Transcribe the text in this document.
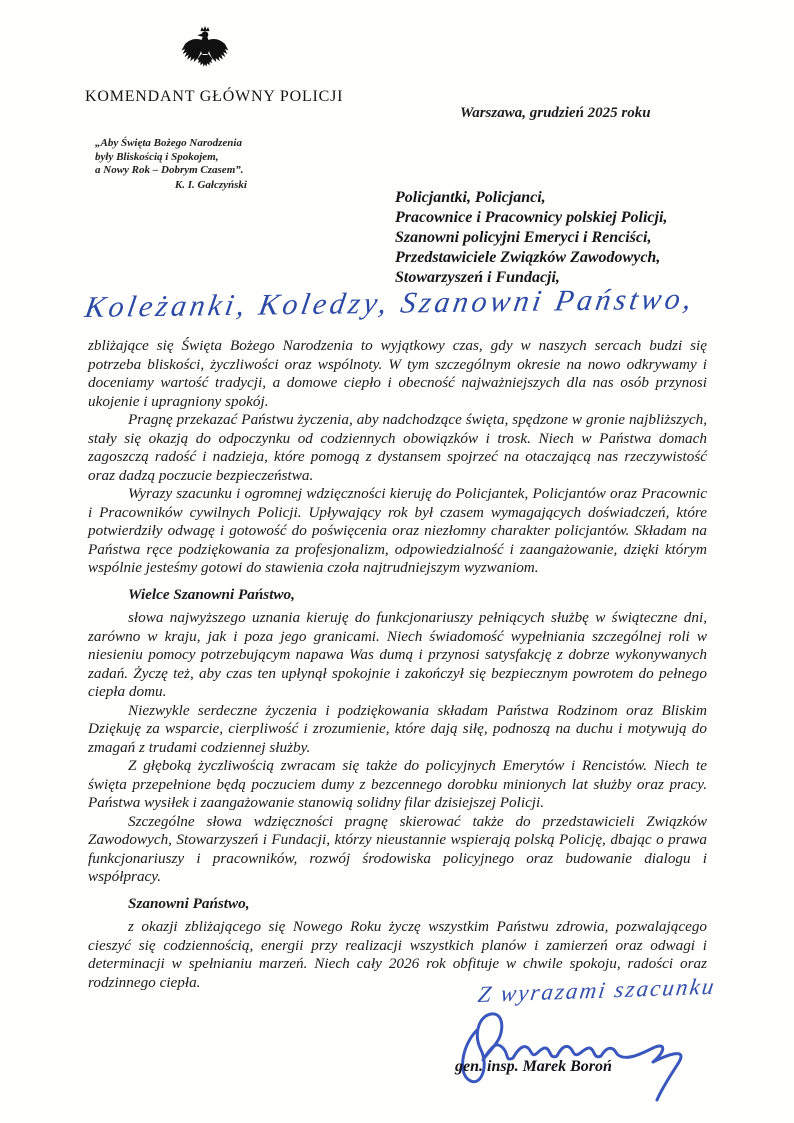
KOMENDANT GŁÓWNY POLICJI
Warszawa, grudzień 2025 roku
„Aby Święta Bożego Narodzenia
były Bliskością i Spokojem,
a Nowy Rok – Dobrym Czasem”.
K. I. Gałczyński
Policjantki, Policjanci,
Pracownice i Pracownicy polskiej Policji,
Szanowni policyjni Emeryci i Renciści,
Przedstawiciele Związków Zawodowych,
Stowarzyszeń i Fundacji,
Koleżanki, Koledzy, Szanowni Państwo,

zbliżające się Święta Bożego Narodzenia to wyjątkowy czas, gdy w naszych sercach budzi się potrzeba bliskości, życzliwości oraz wspólnoty. W tym szczególnym okresie na nowo odkrywamy i doceniamy wartość tradycji, a domowe ciepło i obecność najważniejszych dla nas osób przynosi ukojenie i upragniony spokój.

Pragnę przekazać Państwu życzenia, aby nadchodzące święta, spędzone w gronie najbliższych, stały się okazją do odpoczynku od codziennych obowiązków i trosk. Niech w Państwa domach zagoszczą radość i nadzieja, które pomogą z dystansem spojrzeć na otaczającą nas rzeczywistość oraz dadzą poczucie bezpieczeństwa.

Wyrazy szacunku i ogromnej wdzięczności kieruję do Policjantek, Policjantów oraz Pracownic i Pracowników cywilnych Policji. Upływający rok był czasem wymagających doświadczeń, które potwierdziły odwagę i gotowość do poświęcenia oraz niezłomny charakter policjantów. Składam na Państwa ręce podziękowania za profesjonalizm, odpowiedzialność i zaangażowanie, dzięki którym wspólnie jesteśmy gotowi do stawienia czoła najtrudniejszym wyzwaniom.

Wielce Szanowni Państwo,

słowa najwyższego uznania kieruję do funkcjonariuszy pełniących służbę w świąteczne dni, zarówno w kraju, jak i poza jego granicami. Niech świadomość wypełniania szczególnej roli w niesieniu pomocy potrzebującym napawa Was dumą i przynosi satysfakcję z dobrze wykonywanych zadań. Życzę też, aby czas ten upłynął spokojnie i zakończył się bezpiecznym powrotem do pełnego ciepła domu.

Niezwykle serdeczne życzenia i podziękowania składam Państwa Rodzinom oraz Bliskim Dziękuję za wsparcie, cierpliwość i zrozumienie, które dają siłę, podnoszą na duchu i motywują do zmagań z trudami codziennej służby.

Z głęboką życzliwością zwracam się także do policyjnych Emerytów i Rencistów. Niech te święta przepełnione będą poczuciem dumy z bezcennego dorobku minionych lat służby oraz pracy. Państwa wysiłek i zaangażowanie stanowią solidny filar dzisiejszej Policji.

Szczególne słowa wdzięczności pragnę skierować także do przedstawicieli Związków Zawodowych, Stowarzyszeń i Fundacji, którzy nieustannie wspierają polską Policję, dbając o prawa funkcjonariuszy i pracowników, rozwój środowiska policyjnego oraz budowanie dialogu i współpracy.

Szanowni Państwo,

z okazji zbliżającego się Nowego Roku życzę wszystkim Państwu zdrowia, pozwalającego cieszyć się codziennością, energii przy realizacji wszystkich planów i zamierzeń oraz odwagi i determinacji w spełnianiu marzeń. Niech cały 2026 rok obfituje w chwile spokoju, radości oraz rodzinnego ciepła.	Z wyrazami szacunku
gen. insp. Marek Boroń
